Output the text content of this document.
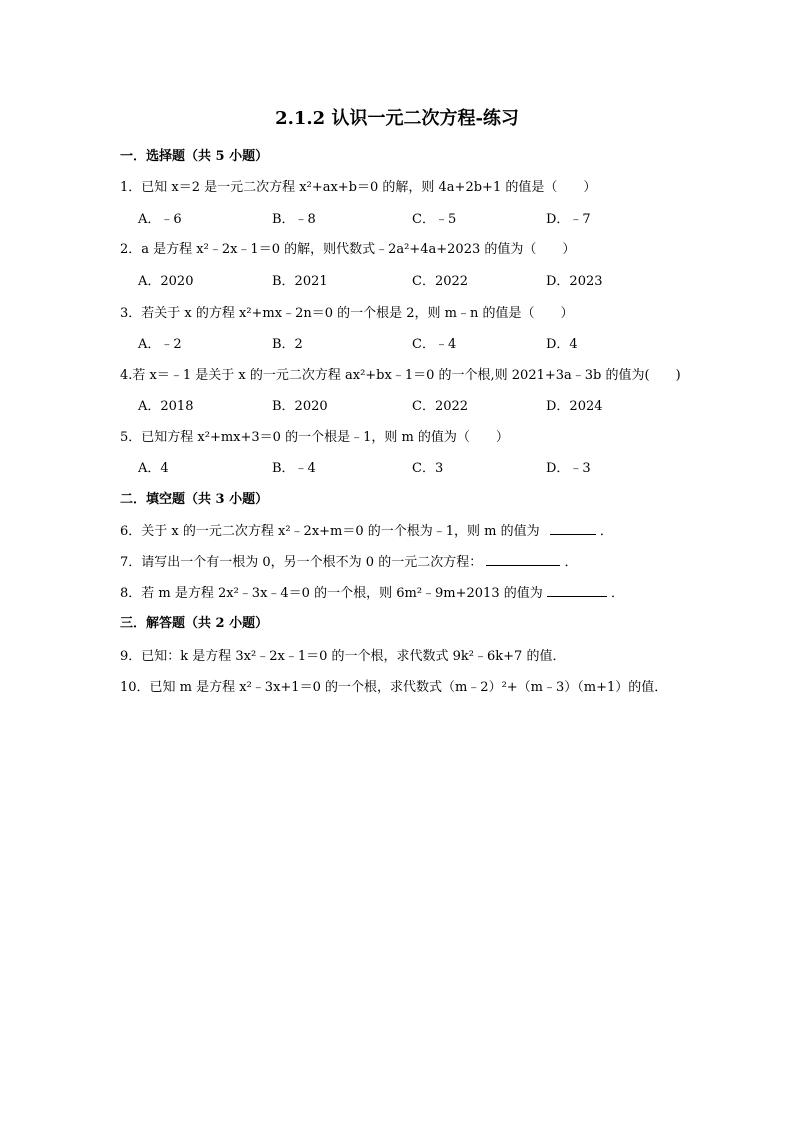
2.1.2 认识一元二次方程-练习
一．选择题（共 5 小题）
1．已知 x＝2 是一元二次方程 x²+ax+b＝0 的解，则 4a+2b+1 的值是（　　）
A．﹣6	B．﹣8	C．﹣5	D．﹣7
2．a 是方程 x²﹣2x﹣1＝0 的解，则代数式﹣2a²+4a+2023 的值为（　　）
A．2020	B．2021	C．2022	D．2023
3．若关于 x 的方程 x²+mx﹣2n＝0 的一个根是 2，则 m﹣n 的值是（　　）
A．﹣2	B．2	C．﹣4	D．4
4.若 x＝﹣1 是关于 x 的一元二次方程 ax²+bx﹣1＝0 的一个根,则 2021+3a﹣3b 的值为(　　)
A．2018	B．2020	C．2022	D．2024
5．已知方程 x²+mx+3＝0 的一个根是﹣1，则 m 的值为（　　）
A．4	B．﹣4	C．3	D．﹣3
二．填空题（共 3 小题）
6．关于 x 的一元二次方程 x²﹣2x+m＝0 的一个根为﹣1，则 m 的值为	．
7．请写出一个有一根为 0，另一个根不为 0 的一元二次方程：	．
8．若 m 是方程 2x²﹣3x﹣4＝0 的一个根，则 6m²﹣9m+2013 的值为	．
三．解答题（共 2 小题）
9．已知：k 是方程 3x²﹣2x﹣1＝0 的一个根，求代数式 9k²﹣6k+7 的值．
10．已知 m 是方程 x²﹣3x+1＝0 的一个根，求代数式（m﹣2）²+（m﹣3）（m+1）的值．
